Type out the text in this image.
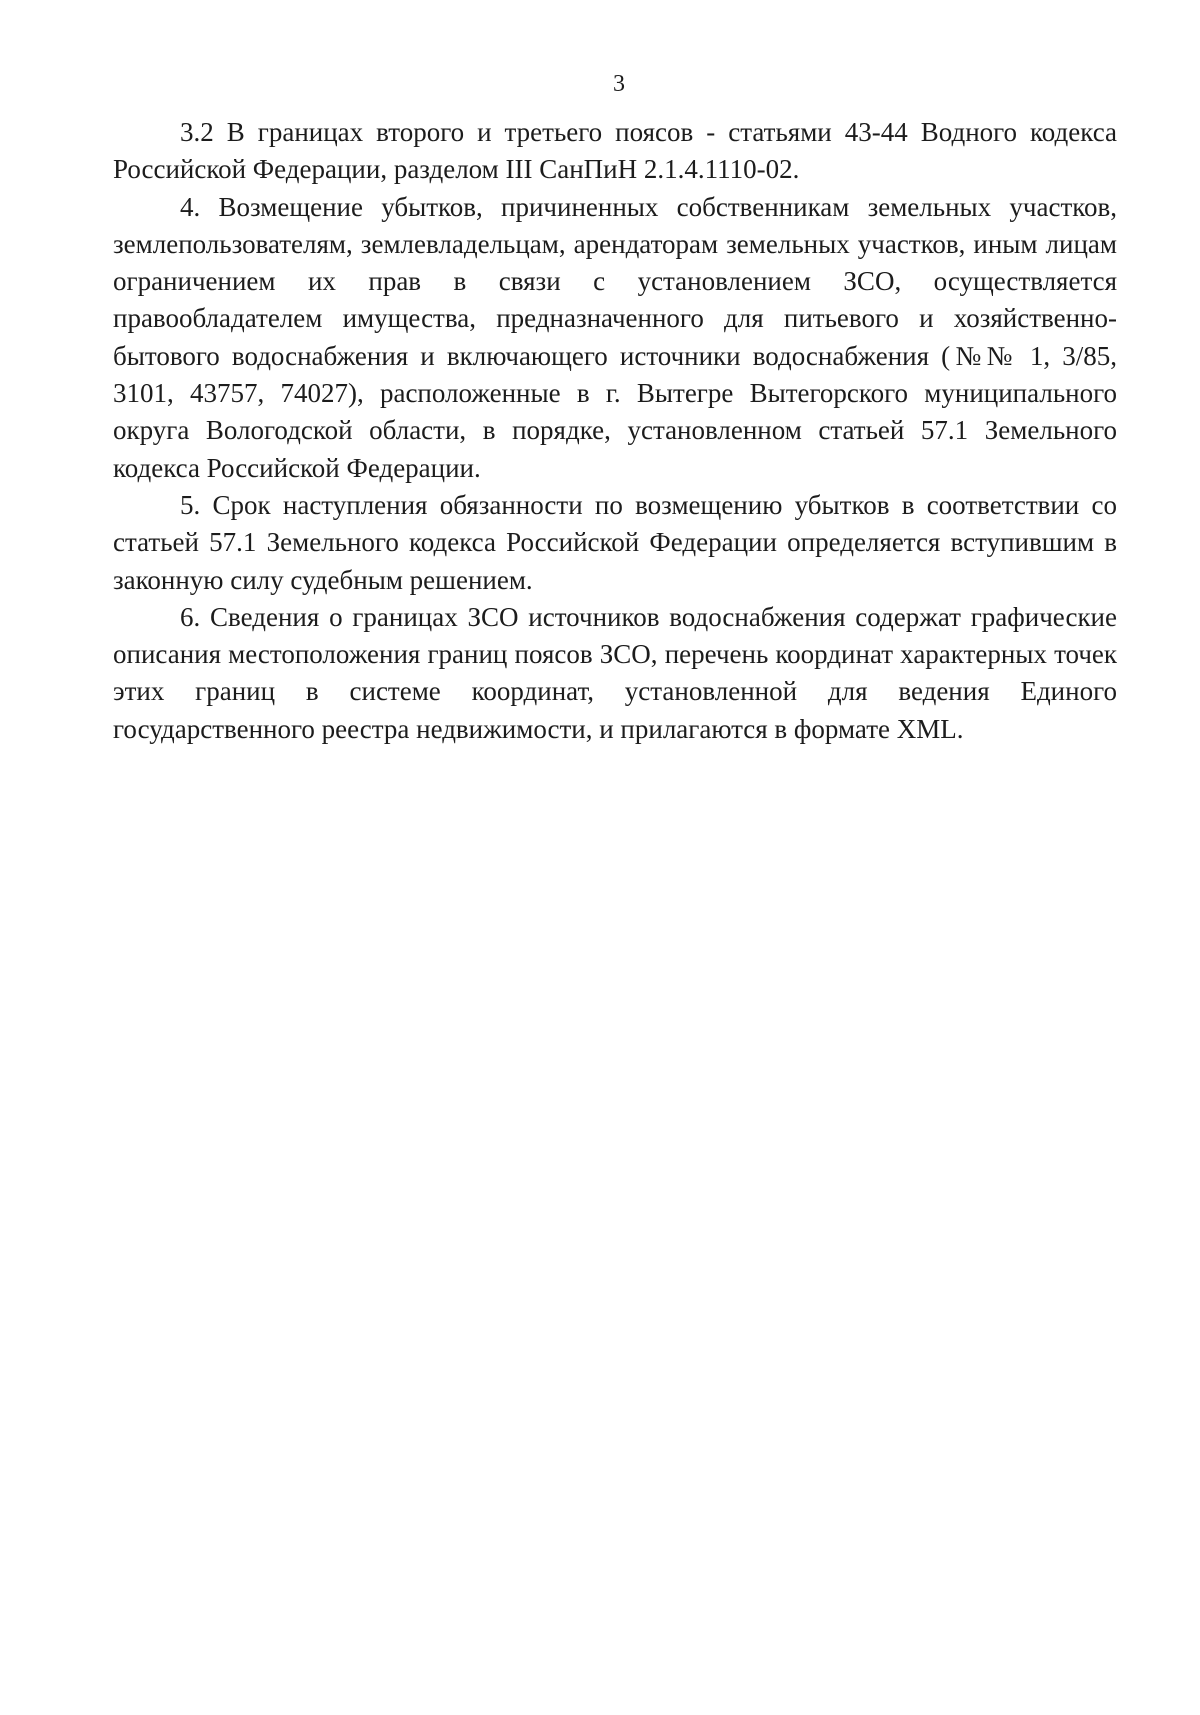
3

3.2 В границах второго и третьего поясов - статьями 43-44 Водного кодекса Российской Федерации, разделом III СанПиН 2.1.4.1110-02.

4. Возмещение убытков, причиненных собственникам земельных участков, землепользователям, землевладельцам, арендаторам земельных участков, иным лицам ограничением их прав в связи с установлением ЗСО, осуществляется правообладателем имущества, предназначенного для питьевого и хозяйственно-бытового водоснабжения и включающего источники водоснабжения (№№ 1, 3/85, 3101, 43757, 74027), расположенные в г. Вытегре Вытегорского муниципального округа Вологодской области, в порядке, установленном статьей 57.1 Земельного кодекса Российской Федерации.

5. Срок наступления обязанности по возмещению убытков в соответствии со статьей 57.1 Земельного кодекса Российской Федерации определяется вступившим в законную силу судебным решением.

6. Сведения о границах ЗСО источников водоснабжения содержат графические описания местоположения границ поясов ЗСО, перечень координат характерных точек этих границ в системе координат, установленной для ведения Единого государственного реестра недвижимости, и прилагаются в формате XML.
